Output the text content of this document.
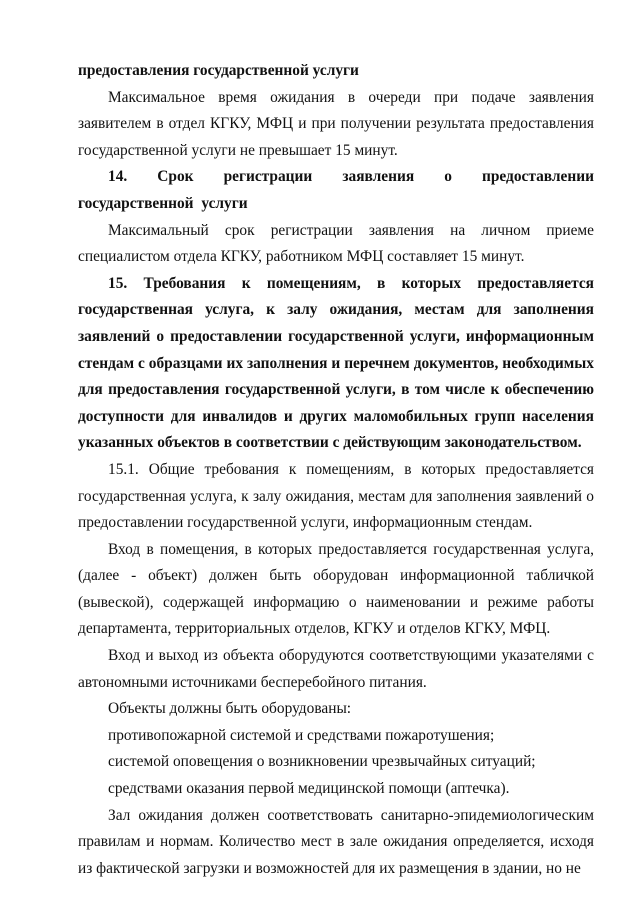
предоставления государственной услуги

Максимальное время ожидания в очереди при подаче заявления заявителем в отдел КГКУ, МФЦ и при получении результата предоставления государственной услуги не превышает 15 минут.

14. Срок регистрации заявления о предоставлении государственной услуги

Максимальный срок регистрации заявления на личном приеме специалистом отдела КГКУ, работником МФЦ составляет 15 минут.

15. Требования к помещениям, в которых предоставляется государственная услуга, к залу ожидания, местам для заполнения заявлений о предоставлении государственной услуги, информационным стендам с образцами их заполнения и перечнем документов, необходимых для предоставления государственной услуги, в том числе к обеспечению доступности для инвалидов и других маломобильных групп населения указанных объектов в соответствии с действующим законодательством.

15.1. Общие требования к помещениям, в которых предоставляется государственная услуга, к залу ожидания, местам для заполнения заявлений о предоставлении государственной услуги, информационным стендам.

Вход в помещения, в которых предоставляется государственная услуга, (далее - объект) должен быть оборудован информационной табличкой (вывеской), содержащей информацию о наименовании и режиме работы департамента, территориальных отделов, КГКУ и отделов КГКУ, МФЦ.

Вход и выход из объекта оборудуются соответствующими указателями с автономными источниками бесперебойного питания.

Объекты должны быть оборудованы:

противопожарной системой и средствами пожаротушения;

системой оповещения о возникновении чрезвычайных ситуаций;

средствами оказания первой медицинской помощи (аптечка).

Зал ожидания должен соответствовать санитарно-эпидемиологическим правилам и нормам. Количество мест в зале ожидания определяется, исходя из фактической загрузки и возможностей для их размещения в здании, но не
